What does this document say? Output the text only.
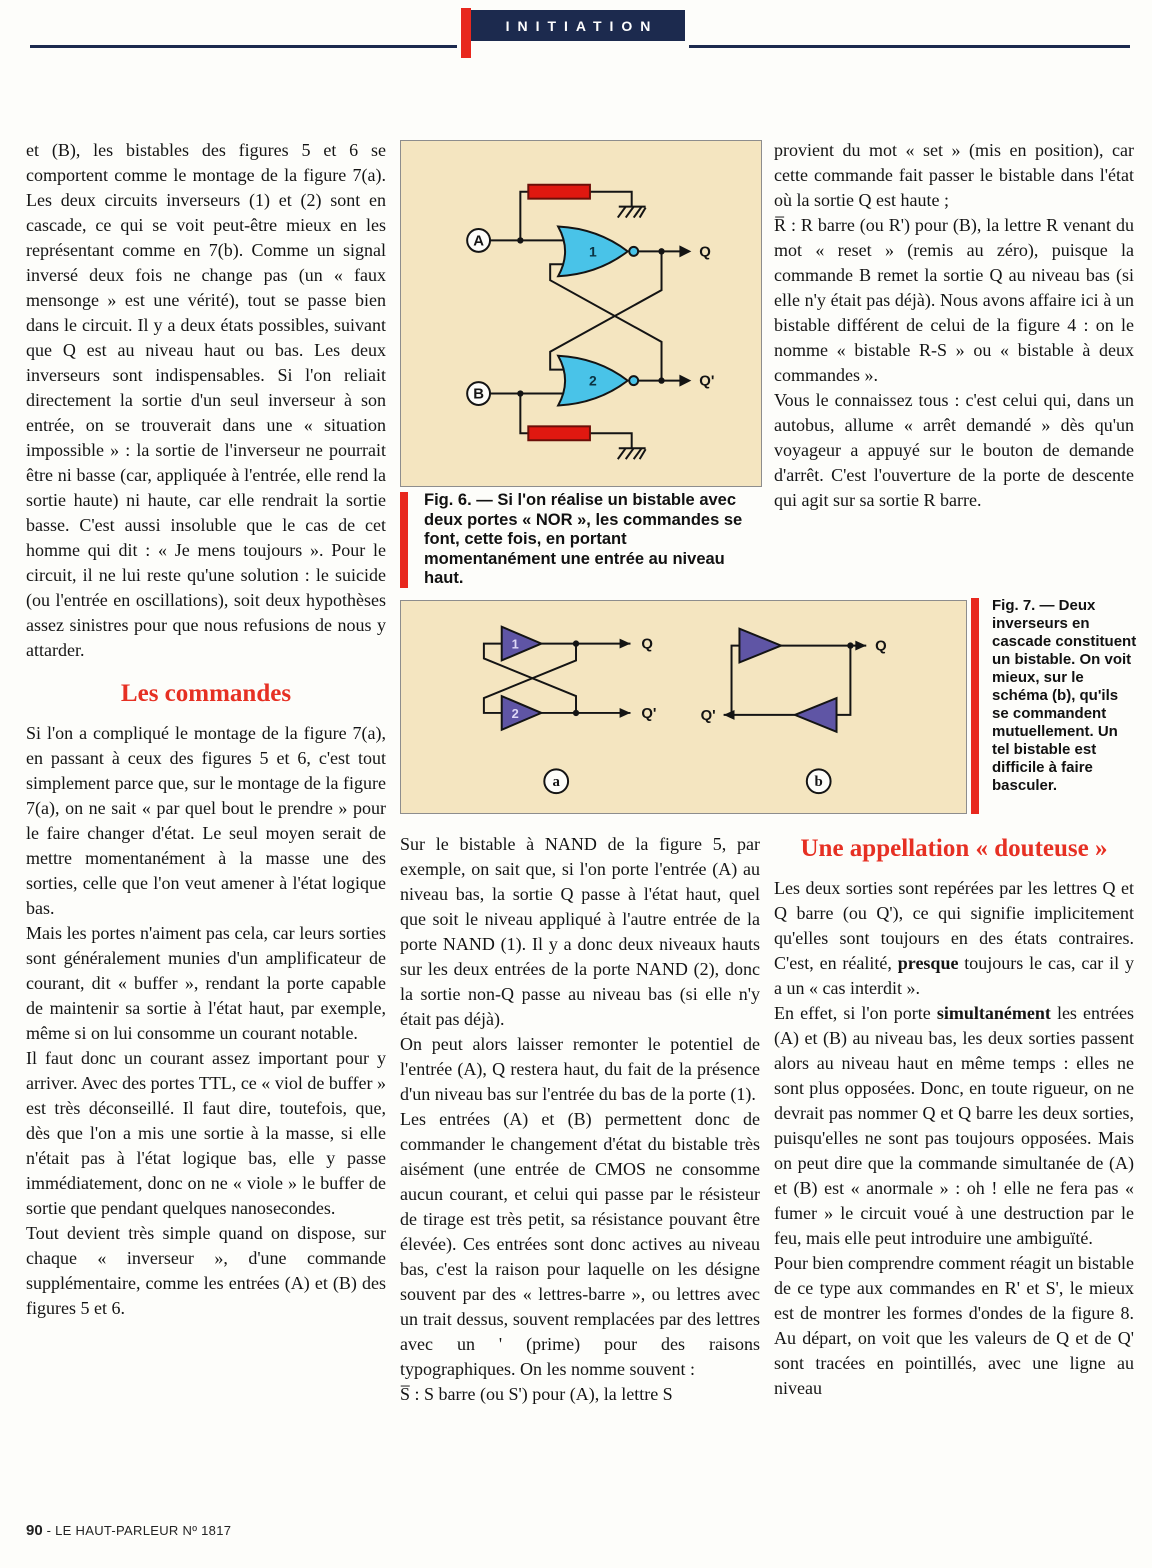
INITIATION

et (B), les bistables des figures 5 et 6 se comportent comme le montage de la figure 7(a). Les deux circuits inverseurs (1) et (2) sont en cascade, ce qui se voit peut-être mieux en les représentant comme en 7(b). Comme un signal inversé deux fois ne change pas (un « faux mensonge » est une vérité), tout se passe bien dans le circuit. Il y a deux états possibles, suivant que Q est au niveau haut ou bas. Les deux inverseurs sont indispensables. Si l'on reliait directement la sortie d'un seul inverseur à son entrée, on se trouverait dans une « situation impossible » : la sortie de l'inverseur ne pourrait être ni basse (car, appliquée à l'entrée, elle rend la sortie haute) ni haute, car elle rendrait la sortie basse. C'est aussi insoluble que le cas de cet homme qui dit : « Je mens toujours ». Pour le circuit, il ne lui reste qu'une solution : le suicide (ou l'entrée en oscillations), soit deux hypothèses assez sinistres pour que nous refusions de nous y attarder.

Les commandes

Si l'on a compliqué le montage de la figure 7(a), en passant à ceux des figures 5 et 6, c'est tout simplement parce que, sur le montage de la figure 7(a), on ne sait « par quel bout le prendre » pour le faire changer d'état. Le seul moyen serait de mettre momentanément à la masse une des sorties, celle que l'on veut amener à l'état logique bas.

Mais les portes n'aiment pas cela, car leurs sorties sont généralement munies d'un amplificateur de courant, dit « buffer », rendant la porte capable de maintenir sa sortie à l'état haut, par exemple, même si on lui consomme un courant notable.

Il faut donc un courant assez important pour y arriver. Avec des portes TTL, ce « viol de buffer » est très déconseillé. Il faut dire, toutefois, que, dès que l'on a mis une sortie à la masse, si elle n'était pas à l'état logique bas, elle y passe immédiatement, donc on ne « viole » le buffer de sortie que pendant quelques nanosecondes.

Tout devient très simple quand on dispose, sur chaque « inverseur », d'une commande supplémentaire, comme les entrées (A) et (B) des figures 5 et 6.

A
B
1
2
Q
Q'
Fig. 6. — Si l'on réalise un bistable avec deux portes « NOR », les commandes se font, cette fois, en portant momentanément une entrée au niveau haut.
1
2
Q
Q'
a
Q
Q'
b
Fig. 7. — Deux inverseurs en cascade constituent un bistable. On voit mieux, sur le schéma (b), qu'ils se commandent mutuellement. Un tel bistable est difficile à faire basculer.

Sur le bistable à NAND de la figure 5, par exemple, on sait que, si l'on porte l'entrée (A) au niveau bas, la sortie Q passe à l'état haut, quel que soit le niveau appliqué à l'autre entrée de la porte NAND (1). Il y a donc deux niveaux hauts sur les deux entrées de la porte NAND (2), donc la sortie non-Q passe au niveau bas (si elle n'y était pas déjà).

On peut alors laisser remonter le potentiel de l'entrée (A), Q restera haut, du fait de la présence d'un niveau bas sur l'entrée du bas de la porte (1).

Les entrées (A) et (B) permettent donc de commander le changement d'état du bistable très aisément (une entrée de CMOS ne consomme aucun courant, et celui qui passe par le résisteur de tirage est très petit, sa résistance pouvant être élevée). Ces entrées sont donc actives au niveau bas, c'est la raison pour laquelle on les désigne souvent par des « lettres-barre », ou lettres avec un trait dessus, souvent remplacées par des lettres avec un ' (prime) pour des raisons typographiques. On les nomme souvent :

S̅ : S barre (ou S') pour (A), la lettre S

provient du mot « set » (mis en position), car cette commande fait passer le bistable dans l'état où la sortie Q est haute ;

R̅ : R barre (ou R') pour (B), la lettre R venant du mot « reset » (remis au zéro), puisque la commande B remet la sortie Q au niveau bas (si elle n'y était pas déjà). Nous avons affaire ici à un bistable différent de celui de la figure 4 : on le nomme « bistable R-S » ou « bistable à deux commandes ».

Vous le connaissez tous : c'est celui qui, dans un autobus, allume « arrêt demandé » dès qu'un voyageur a appuyé sur le bouton de demande d'arrêt. C'est l'ouverture de la porte de descente qui agit sur sa sortie R barre.

Une appellation « douteuse »

Les deux sorties sont repérées par les lettres Q et Q barre (ou Q'), ce qui signifie implicitement qu'elles sont toujours en des états contraires. C'est, en réalité, presque toujours le cas, car il y a un « cas interdit ».

En effet, si l'on porte simultanément les entrées (A) et (B) au niveau bas, les deux sorties passent alors au niveau haut en même temps : elles ne sont plus opposées. Donc, en toute rigueur, on ne devrait pas nommer Q et Q barre les deux sorties, puisqu'elles ne sont pas toujours opposées. Mais on peut dire que la commande simultanée de (A) et (B) est « anormale » : oh ! elle ne fera pas « fumer » le circuit voué à une destruction par le feu, mais elle peut introduire une ambiguïté.

Pour bien comprendre comment réagit un bistable de ce type aux commandes en R' et S', le mieux est de montrer les formes d'ondes de la figure 8. Au départ, on voit que les valeurs de Q et de Q' sont tracées en pointillés, avec une ligne au niveau

90 - LE HAUT-PARLEUR Nº 1817
